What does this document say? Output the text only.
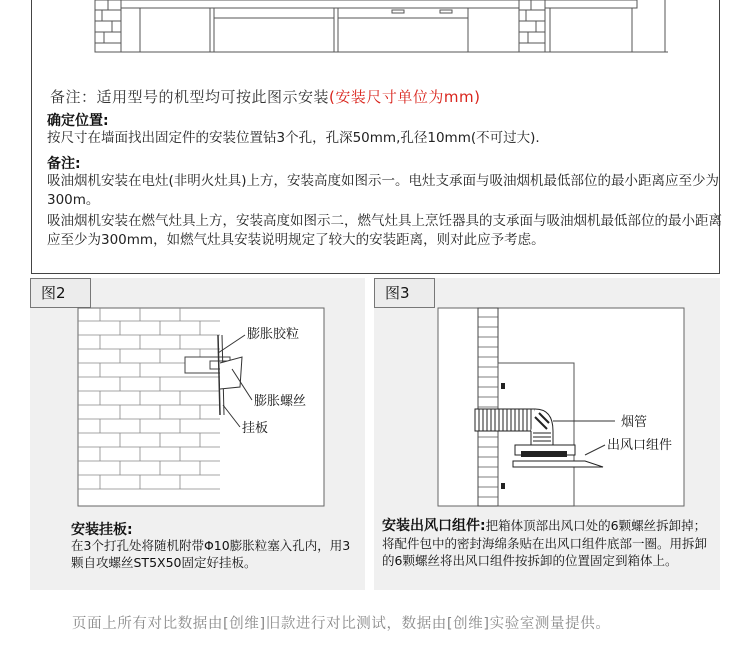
备注：适用型号的机型均可按此图示安装(安装尺寸单位为mm)
确定位置:
按尺寸在墙面找出固定件的安装位置钻3个孔，孔深50mm,孔径10mm(不可过大).
备注:
吸油烟机安装在电灶(非明火灶具)上方，安装高度如图示一。电灶支承面与吸油烟机最低部位的最小距离应至少为300m。
吸油烟机安装在燃气灶具上方，安装高度如图示二，燃气灶具上烹饪器具的支承面与吸油烟机最低部位的最小距离应至少为300mm，如燃气灶具安装说明规定了较大的安装距离，则对此应予考虑。
图2	图3
膨胀胶粒
膨胀螺丝
挂板
安装挂板:
在3个打孔处将随机附带Φ10膨胀粒塞入孔内，用3颗自攻螺丝ST5X50固定好挂板。
烟管
出风口组件
安装出风口组件:把箱体顶部出风口处的6颗螺丝拆卸掉；将配件包中的密封海绵条贴在出风口组件底部一圈。用拆卸的6颗螺丝将出风口组件按拆卸的位置固定到箱体上。
页面上所有对比数据由[创维]旧款进行对比测试，数据由[创维]实验室测量提供。
